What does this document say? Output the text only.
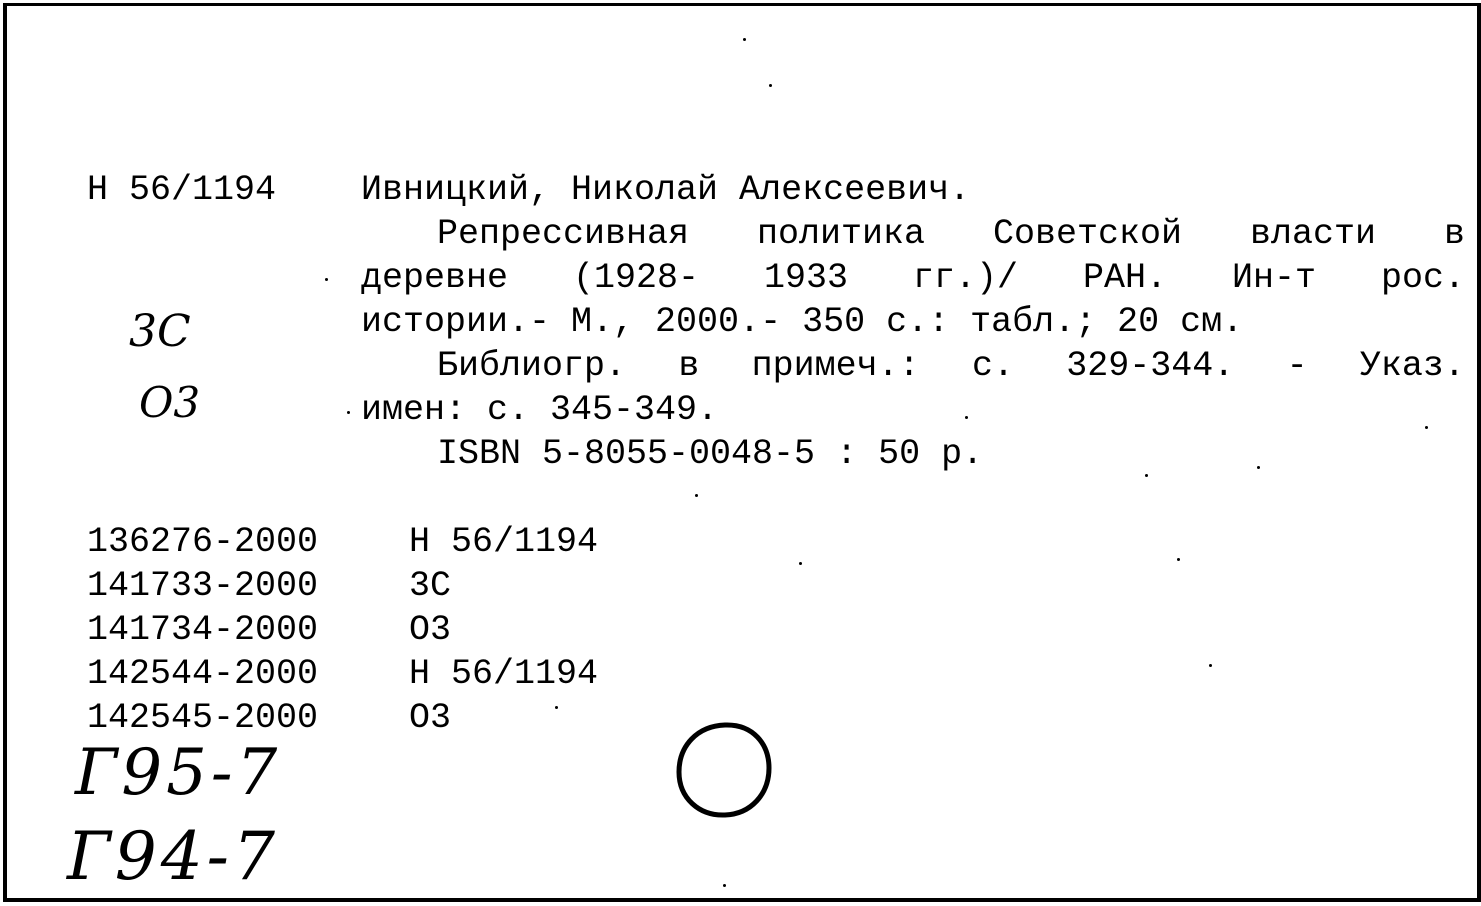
Н 56/1194 Ивницкий, Николай Алексеевич.
Репрессивная политика Советской власти в
деревне (1928- 1933 гг.)/ РАН. Ин-т рос.
истории.- М., 2000.- 350 с.: табл.; 20 см.
Библиогр. в примеч.: с. 329-344. - Указ.
имен: с. 345-349.
ISBN 5-8055-0048-5 : 50 р.
3С
О3
136276-2000	Н 56/1194
141733-2000	3С
141734-2000	О3
142544-2000	Н 56/1194
142545-2000	О3
Г95-7
Г94-7
